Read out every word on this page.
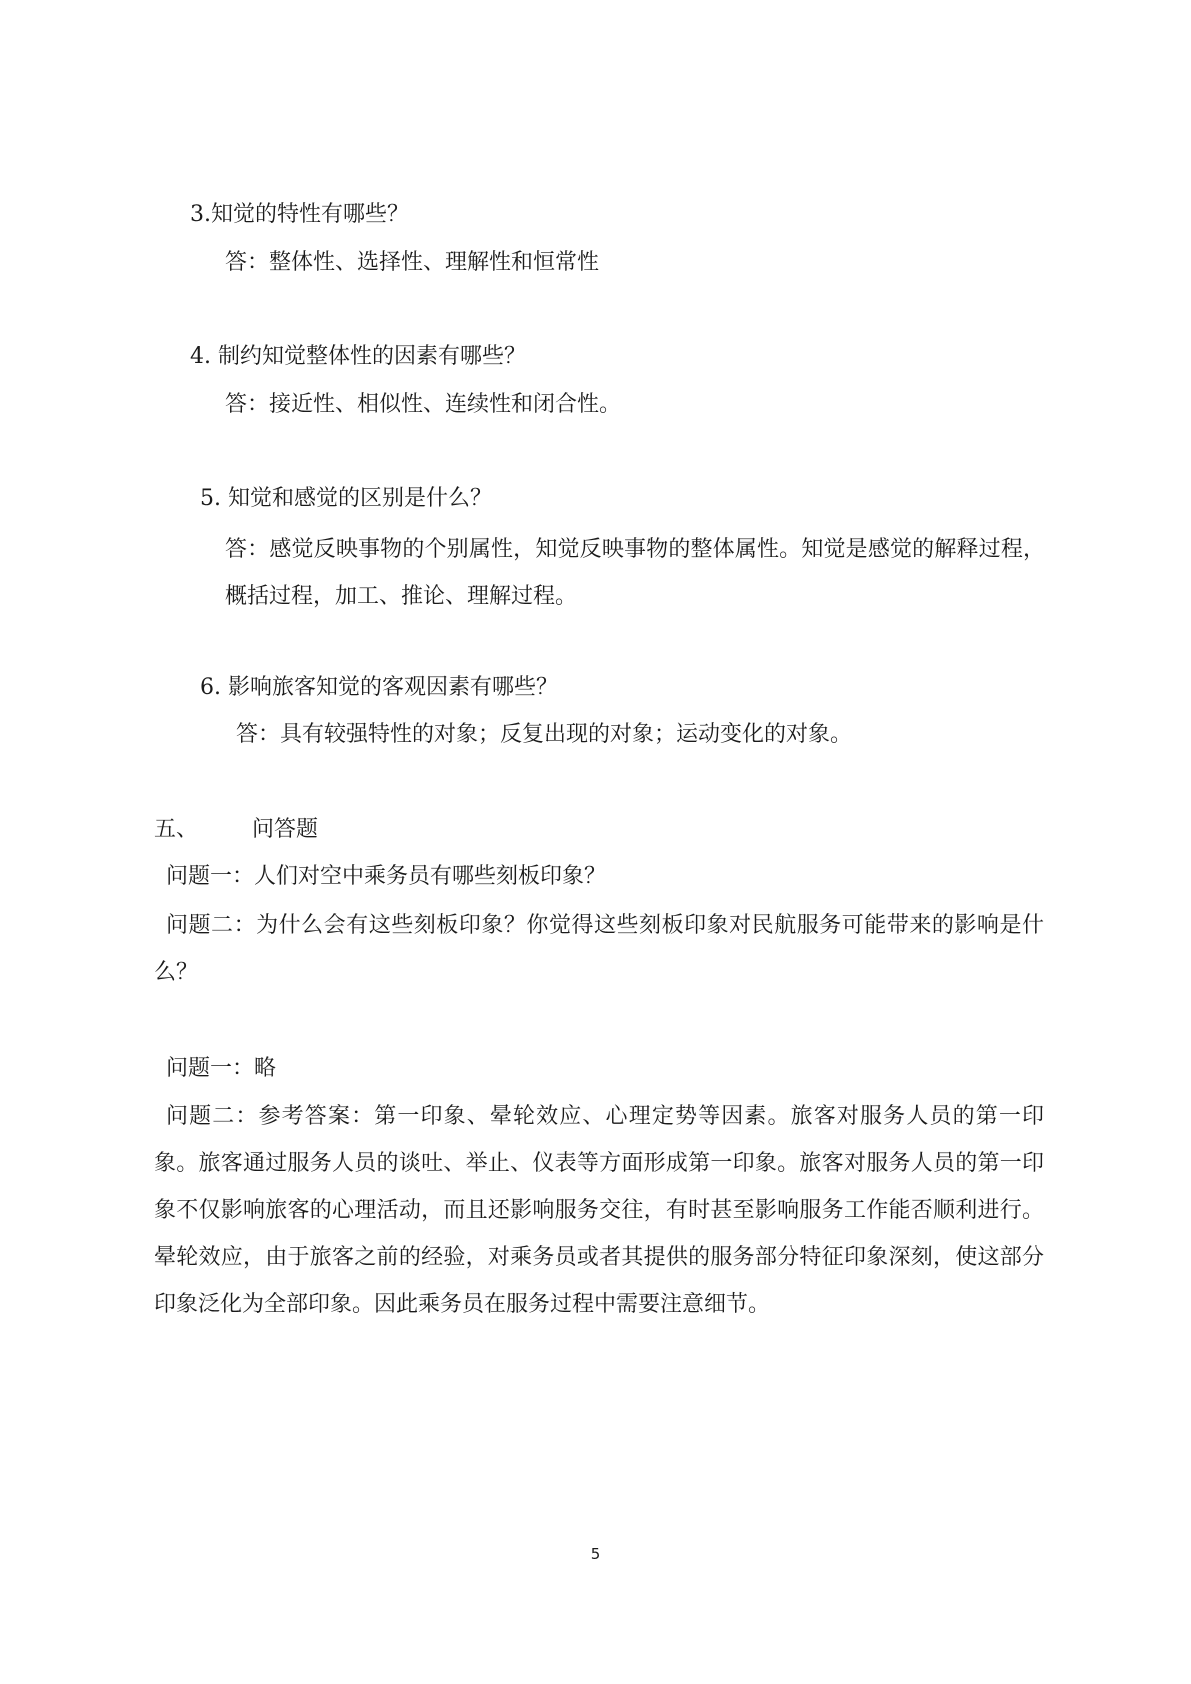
3.知觉的特性有哪些？
答：整体性、选择性、理解性和恒常性
4. 制约知觉整体性的因素有哪些？
答：接近性、相似性、连续性和闭合性。
5. 知觉和感觉的区别是什么？
答：感觉反映事物的个别属性，知觉反映事物的整体属性。知觉是感觉的解释过程，概括过程，加工、推论、理解过程。
6. 影响旅客知觉的客观因素有哪些？
答：具有较强特性的对象；反复出现的对象；运动变化的对象。
五、 问答题
问题一：人们对空中乘务员有哪些刻板印象？
问题二：为什么会有这些刻板印象？你觉得这些刻板印象对民航服务可能带来的影响是什么？
问题一：略
问题二：参考答案：第一印象、晕轮效应、心理定势等因素。旅客对服务人员的第一印象。旅客通过服务人员的谈吐、举止、仪表等方面形成第一印象。旅客对服务人员的第一印象不仅影响旅客的心理活动，而且还影响服务交往，有时甚至影响服务工作能否顺利进行。晕轮效应，由于旅客之前的经验，对乘务员或者其提供的服务部分特征印象深刻，使这部分印象泛化为全部印象。因此乘务员在服务过程中需要注意细节。
5
